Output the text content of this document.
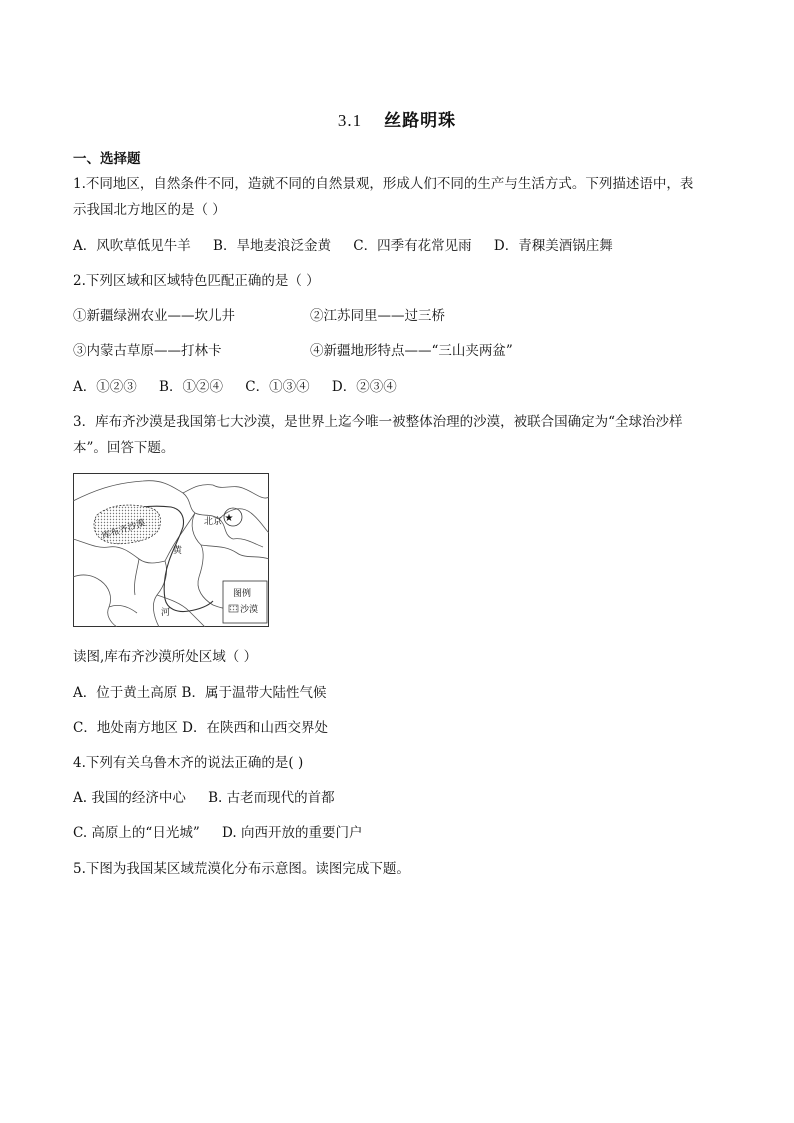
3.1 丝路明珠
一、选择题
1.不同地区，自然条件不同，造就不同的自然景观，形成人们不同的生产与生活方式。下列描述语中，表
示我国北方地区的是（ ）
A．风吹草低见牛羊 B．旱地麦浪泛金黄 C．四季有花常见雨 D．青稞美酒锅庄舞
2.下列区域和区域特色匹配正确的是（ ）
①新疆绿洲农业——坎儿井	②江苏同里——过三桥
③内蒙古草原——打林卡	④新疆地形特点——“三山夹两盆”
A．①②③ B．①②④ C．①③④ D．②③④
3．库布齐沙漠是我国第七大沙漠，是世界上迄今唯一被整体治理的沙漠，被联合国确定为“全球治沙样
本”。回答下题。
库布齐沙漠	★
北京
黄
河
图例
沙漠
读图,库布齐沙漠所处区域（ ）
A．位于黄土高原 B．属于温带大陆性气候
C．地处南方地区 D．在陕西和山西交界处
4.下列有关乌鲁木齐的说法正确的是( )
A. 我国的经济中心 B. 古老而现代的首都
C. 高原上的“日光城” D. 向西开放的重要门户
5.下图为我国某区域荒漠化分布示意图。读图完成下题。
